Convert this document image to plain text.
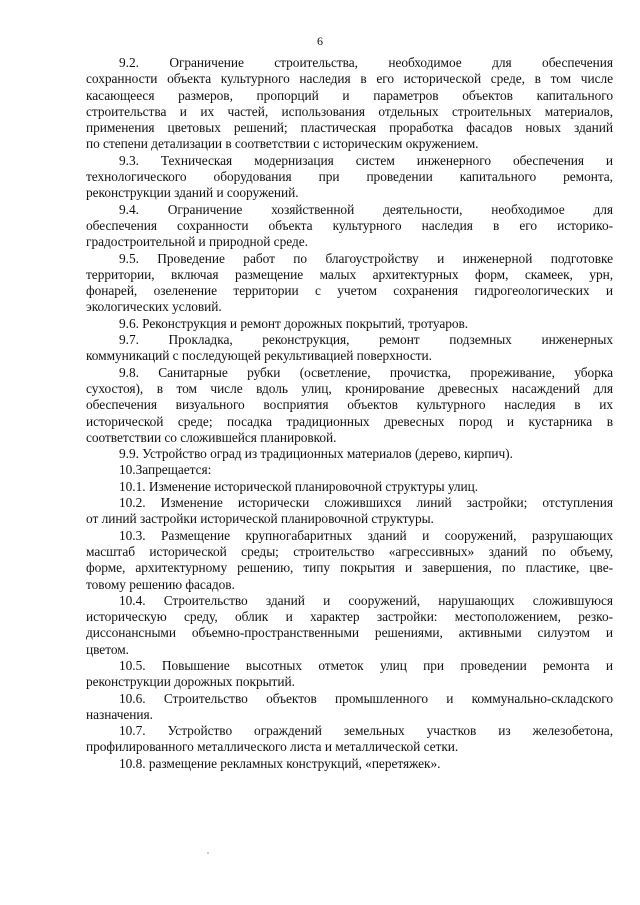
6

9.2. Ограничение строительства, необходимое для обеспечения
сохранности объекта культурного наследия в его исторической среде, в том числе
касающееся размеров, пропорций и параметров объектов капитального
строительства и их частей, использования отдельных строительных материалов,
применения цветовых решений; пластическая проработка фасадов новых зданий
по степени детализации в соответствии с историческим окружением.

9.3. Техническая модернизация систем инженерного обеспечения и
технологического оборудования при проведении капитального ремонта,
реконструкции зданий и сооружений.

9.4. Ограничение хозяйственной деятельности, необходимое для
обеспечения сохранности объекта культурного наследия в его историко-
градостроительной и природной среде.

9.5. Проведение работ по благоустройству и инженерной подготовке
территории, включая размещение малых архитектурных форм, скамеек, урн,
фонарей, озеленение территории с учетом сохранения гидрогеологических и
экологических условий.

9.6. Реконструкция и ремонт дорожных покрытий, тротуаров.

9.7. Прокладка, реконструкция, ремонт подземных инженерных
коммуникаций с последующей рекультивацией поверхности.

9.8. Санитарные рубки (осветление, прочистка, прореживание, уборка
сухостоя), в том числе вдоль улиц, кронирование древесных насаждений для
обеспечения визуального восприятия объектов культурного наследия в их
исторической среде; посадка традиционных древесных пород и кустарника в
соответствии со сложившейся планировкой.

9.9. Устройство оград из традиционных материалов (дерево, кирпич).

10.Запрещается:

10.1. Изменение исторической планировочной структуры улиц.

10.2. Изменение исторически сложившихся линий застройки; отступления
от линий застройки исторической планировочной структуры.

10.3. Размещение крупногабаритных зданий и сооружений, разрушающих
масштаб исторической среды; строительство «агрессивных» зданий по объему,
форме, архитектурному решению, типу покрытия и завершения, по пластике, цве-
товому решению фасадов.

10.4. Строительство зданий и сооружений, нарушающих сложившуюся
историческую среду, облик и характер застройки: местоположением, резко-
диссонансными объемно-пространственными решениями, активными силуэтом и
цветом.

10.5. Повышение высотных отметок улиц при проведении ремонта и
реконструкции дорожных покрытий.

10.6. Строительство объектов промышленного и коммунально-складского
назначения.

10.7. Устройство ограждений земельных участков из железобетона,
профилированного металлического листа и металлической сетки.

10.8. размещение рекламных конструкций, «перетяжек».
